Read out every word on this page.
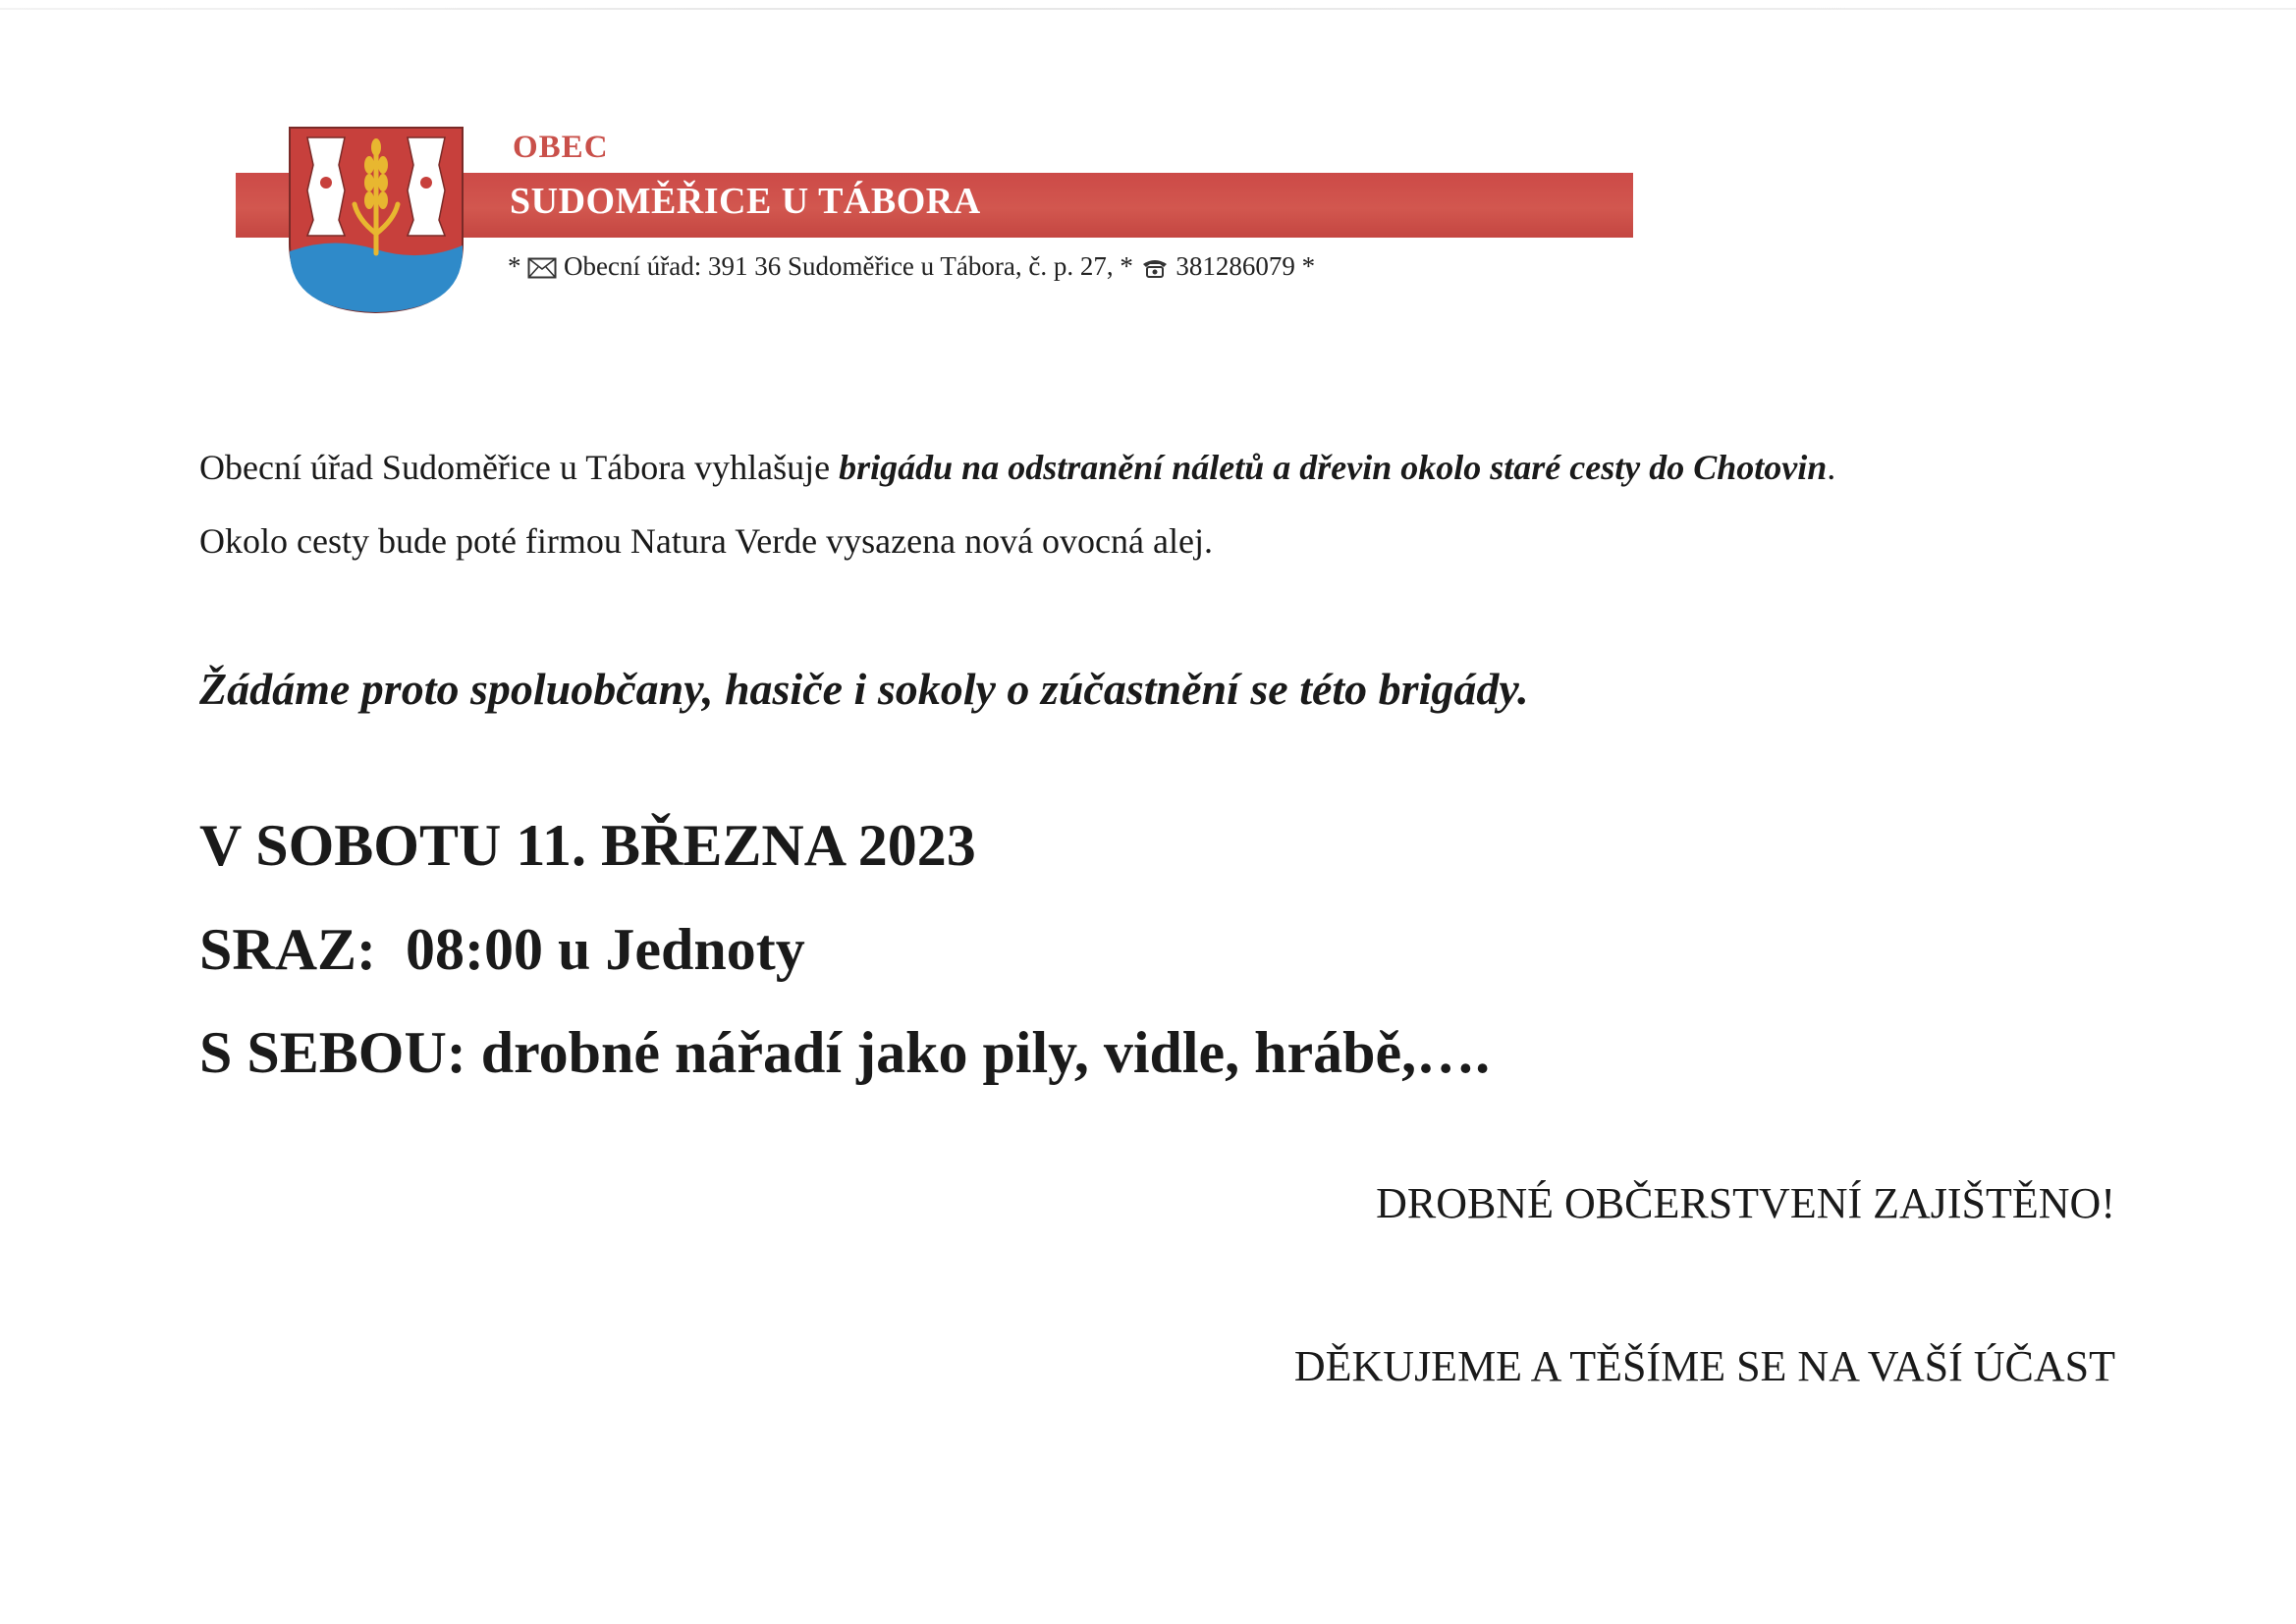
OBEC
SUDOMĚŘICE U TÁBORA
* Obecní úřad: 391 36 Sudoměřice u Tábora, č. p. 27, * 381286079 *
Obecní úřad Sudoměřice u Tábora vyhlašuje brigádu na odstranění náletů a dřevin okolo staré cesty do Chotovin.
Okolo cesty bude poté firmou Natura Verde vysazena nová ovocná alej.
Žádáme proto spoluobčany, hasiče i sokoly o zúčastnění se této brigády.
V SOBOTU 11. BŘEZNA 2023
SRAZ: 08:00 u Jednoty
S SEBOU: drobné nářadí jako pily, vidle, hrábě,….
DROBNÉ OBČERSTVENÍ ZAJIŠTĚNO!
DĚKUJEME A TĚŠÍME SE NA VAŠÍ ÚČAST
